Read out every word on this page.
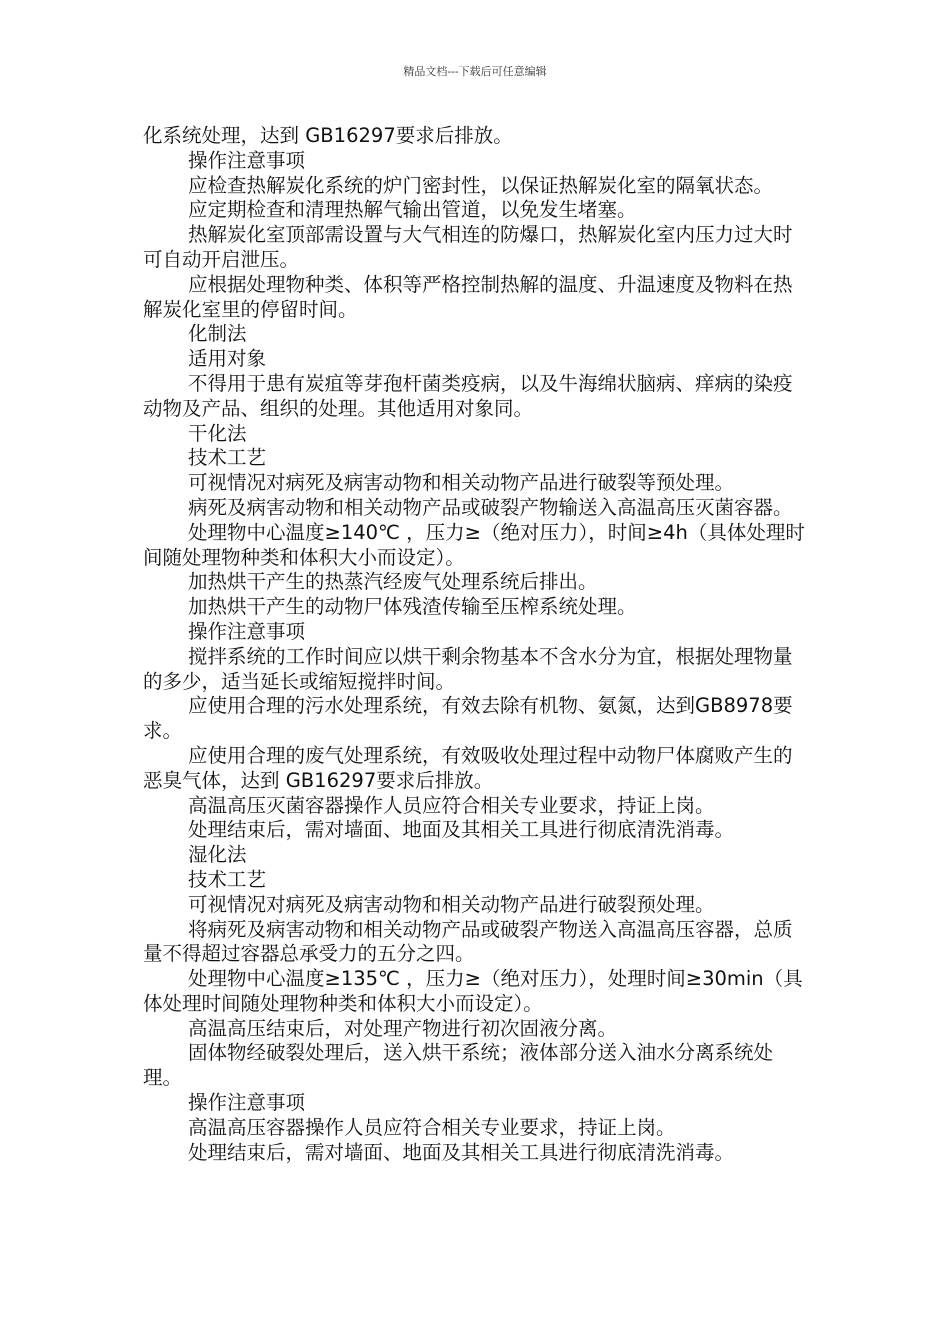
精品文档---下载后可任意编辑

化系统处理，达到 GB16297要求后排放。

操作注意事项

应检查热解炭化系统的炉门密封性，以保证热解炭化室的隔氧状态。

应定期检查和清理热解气输出管道，以免发生堵塞。

热解炭化室顶部需设置与大气相连的防爆口，热解炭化室内压力过大时可自动开启泄压。

应根据处理物种类、体积等严格控制热解的温度、升温速度及物料在热解炭化室里的停留时间。

化制法

适用对象

不得用于患有炭疽等芽孢杆菌类疫病，以及牛海绵状脑病、痒病的染疫动物及产品、组织的处理。其他适用对象同。

干化法

技术工艺

可视情况对病死及病害动物和相关动物产品进行破裂等预处理。

病死及病害动物和相关动物产品或破裂产物输送入高温高压灭菌容器。

处理物中心温度≥140℃ ，压力≥（绝对压力），时间≥4h（具体处理时间随处理物种类和体积大小而设定）。

加热烘干产生的热蒸汽经废气处理系统后排出。

加热烘干产生的动物尸体残渣传输至压榨系统处理。

操作注意事项

搅拌系统的工作时间应以烘干剩余物基本不含水分为宜，根据处理物量的多少，适当延长或缩短搅拌时间。

应使用合理的污水处理系统，有效去除有机物、氨氮，达到GB8978要求。

应使用合理的废气处理系统，有效吸收处理过程中动物尸体腐败产生的恶臭气体，达到 GB16297要求后排放。

高温高压灭菌容器操作人员应符合相关专业要求，持证上岗。

处理结束后，需对墙面、地面及其相关工具进行彻底清洗消毒。

湿化法

技术工艺

可视情况对病死及病害动物和相关动物产品进行破裂预处理。

将病死及病害动物和相关动物产品或破裂产物送入高温高压容器，总质量不得超过容器总承受力的五分之四。

处理物中心温度≥135℃ ，压力≥（绝对压力），处理时间≥30min（具体处理时间随处理物种类和体积大小而设定）。

高温高压结束后，对处理产物进行初次固液分离。

固体物经破裂处理后，送入烘干系统；液体部分送入油水分离系统处理。

操作注意事项

高温高压容器操作人员应符合相关专业要求，持证上岗。

处理结束后，需对墙面、地面及其相关工具进行彻底清洗消毒。
